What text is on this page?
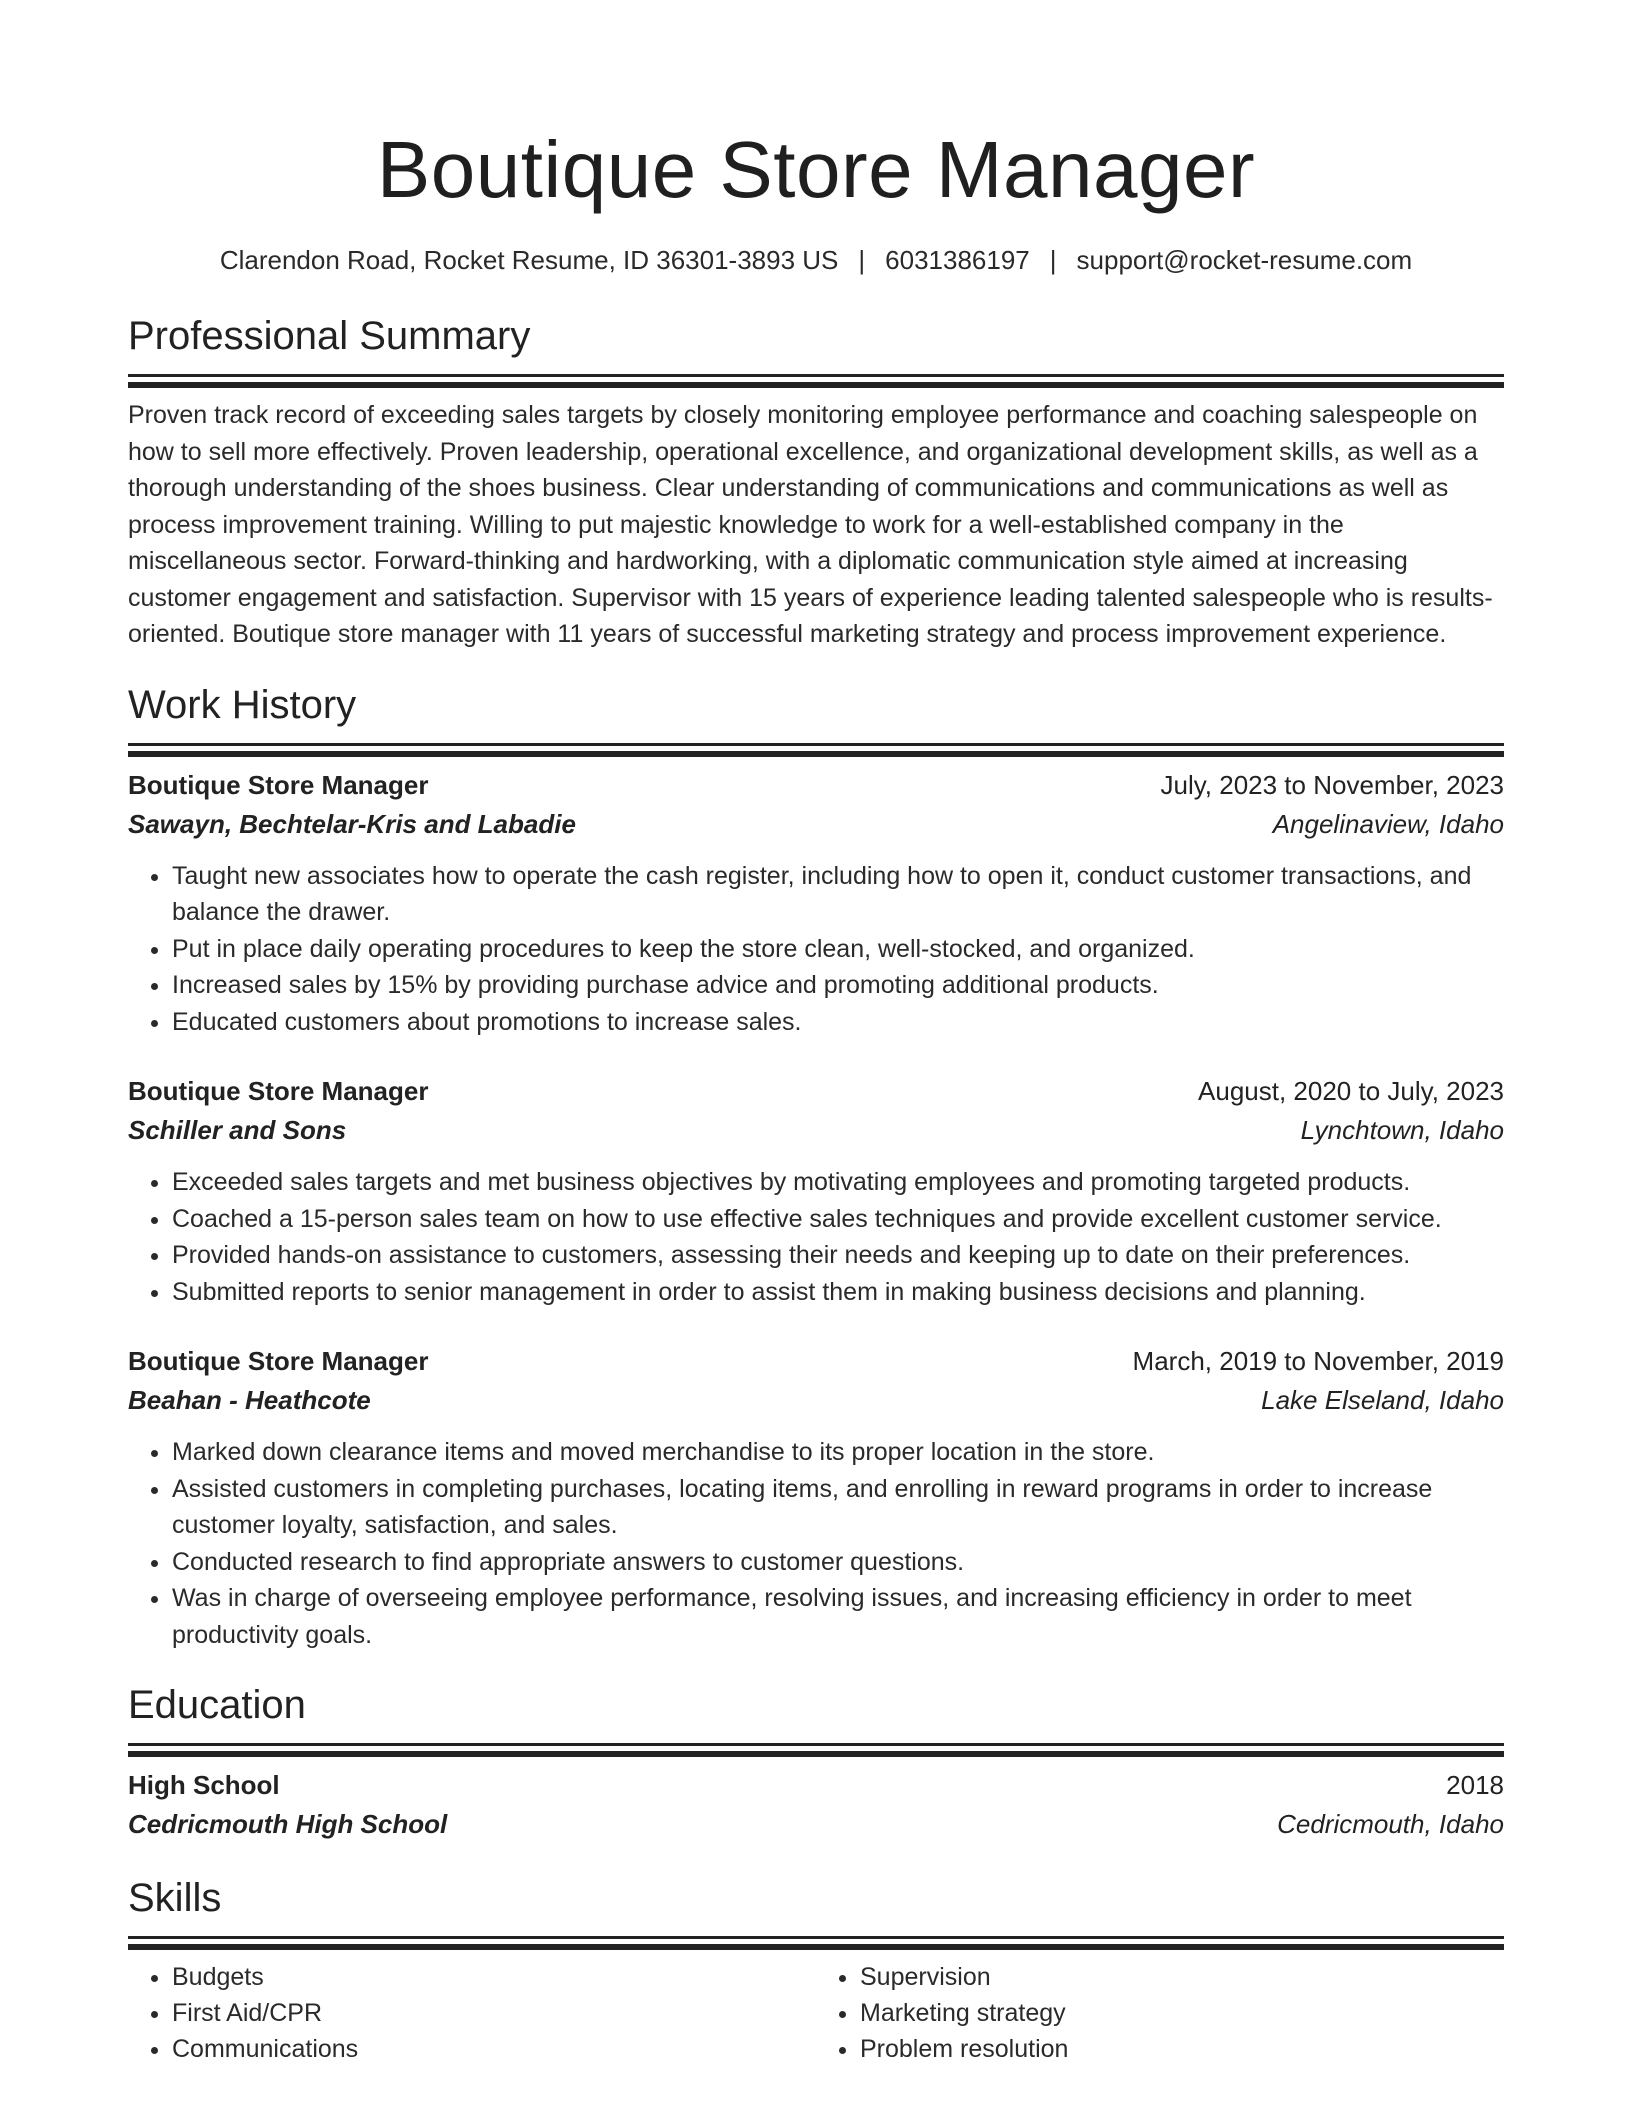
Boutique Store Manager
Clarendon Road, Rocket Resume, ID 36301-3893 US | 6031386197 | support@rocket-resume.com
Professional Summary

Proven track record of exceeding sales targets by closely monitoring employee performance and coaching salespeople on how to sell more effectively. Proven leadership, operational excellence, and organizational development skills, as well as a thorough understanding of the shoes business. Clear understanding of communications and communications as well as process improvement training. Willing to put majestic knowledge to work for a well-established company in the miscellaneous sector. Forward-thinking and hardworking, with a diplomatic communication style aimed at increasing customer engagement and satisfaction. Supervisor with 15 years of experience leading talented salespeople who is results-oriented. Boutique store manager with 11 years of successful marketing strategy and process improvement experience.

Work History
Boutique Store Manager	July, 2023 to November, 2023
Sawayn, Bechtelar-Kris and Labadie	Angelinaview, Idaho
• Taught new associates how to operate the cash register, including how to open it, conduct customer transactions, and balance the drawer.
• Put in place daily operating procedures to keep the store clean, well-stocked, and organized.
• Increased sales by 15% by providing purchase advice and promoting additional products.
• Educated customers about promotions to increase sales.
Boutique Store Manager	August, 2020 to July, 2023
Schiller and Sons	Lynchtown, Idaho
• Exceeded sales targets and met business objectives by motivating employees and promoting targeted products.
• Coached a 15-person sales team on how to use effective sales techniques and provide excellent customer service.
• Provided hands-on assistance to customers, assessing their needs and keeping up to date on their preferences.
• Submitted reports to senior management in order to assist them in making business decisions and planning.
Boutique Store Manager	March, 2019 to November, 2019
Beahan - Heathcote	Lake Elseland, Idaho
• Marked down clearance items and moved merchandise to its proper location in the store.
• Assisted customers in completing purchases, locating items, and enrolling in reward programs in order to increase customer loyalty, satisfaction, and sales.
• Conducted research to find appropriate answers to customer questions.
• Was in charge of overseeing employee performance, resolving issues, and increasing efficiency in order to meet productivity goals.
Education
High School	2018
Cedricmouth High School	Cedricmouth, Idaho
Skills
• Budgets
• First Aid/CPR
• Communications
• Supervision
• Marketing strategy
• Problem resolution
